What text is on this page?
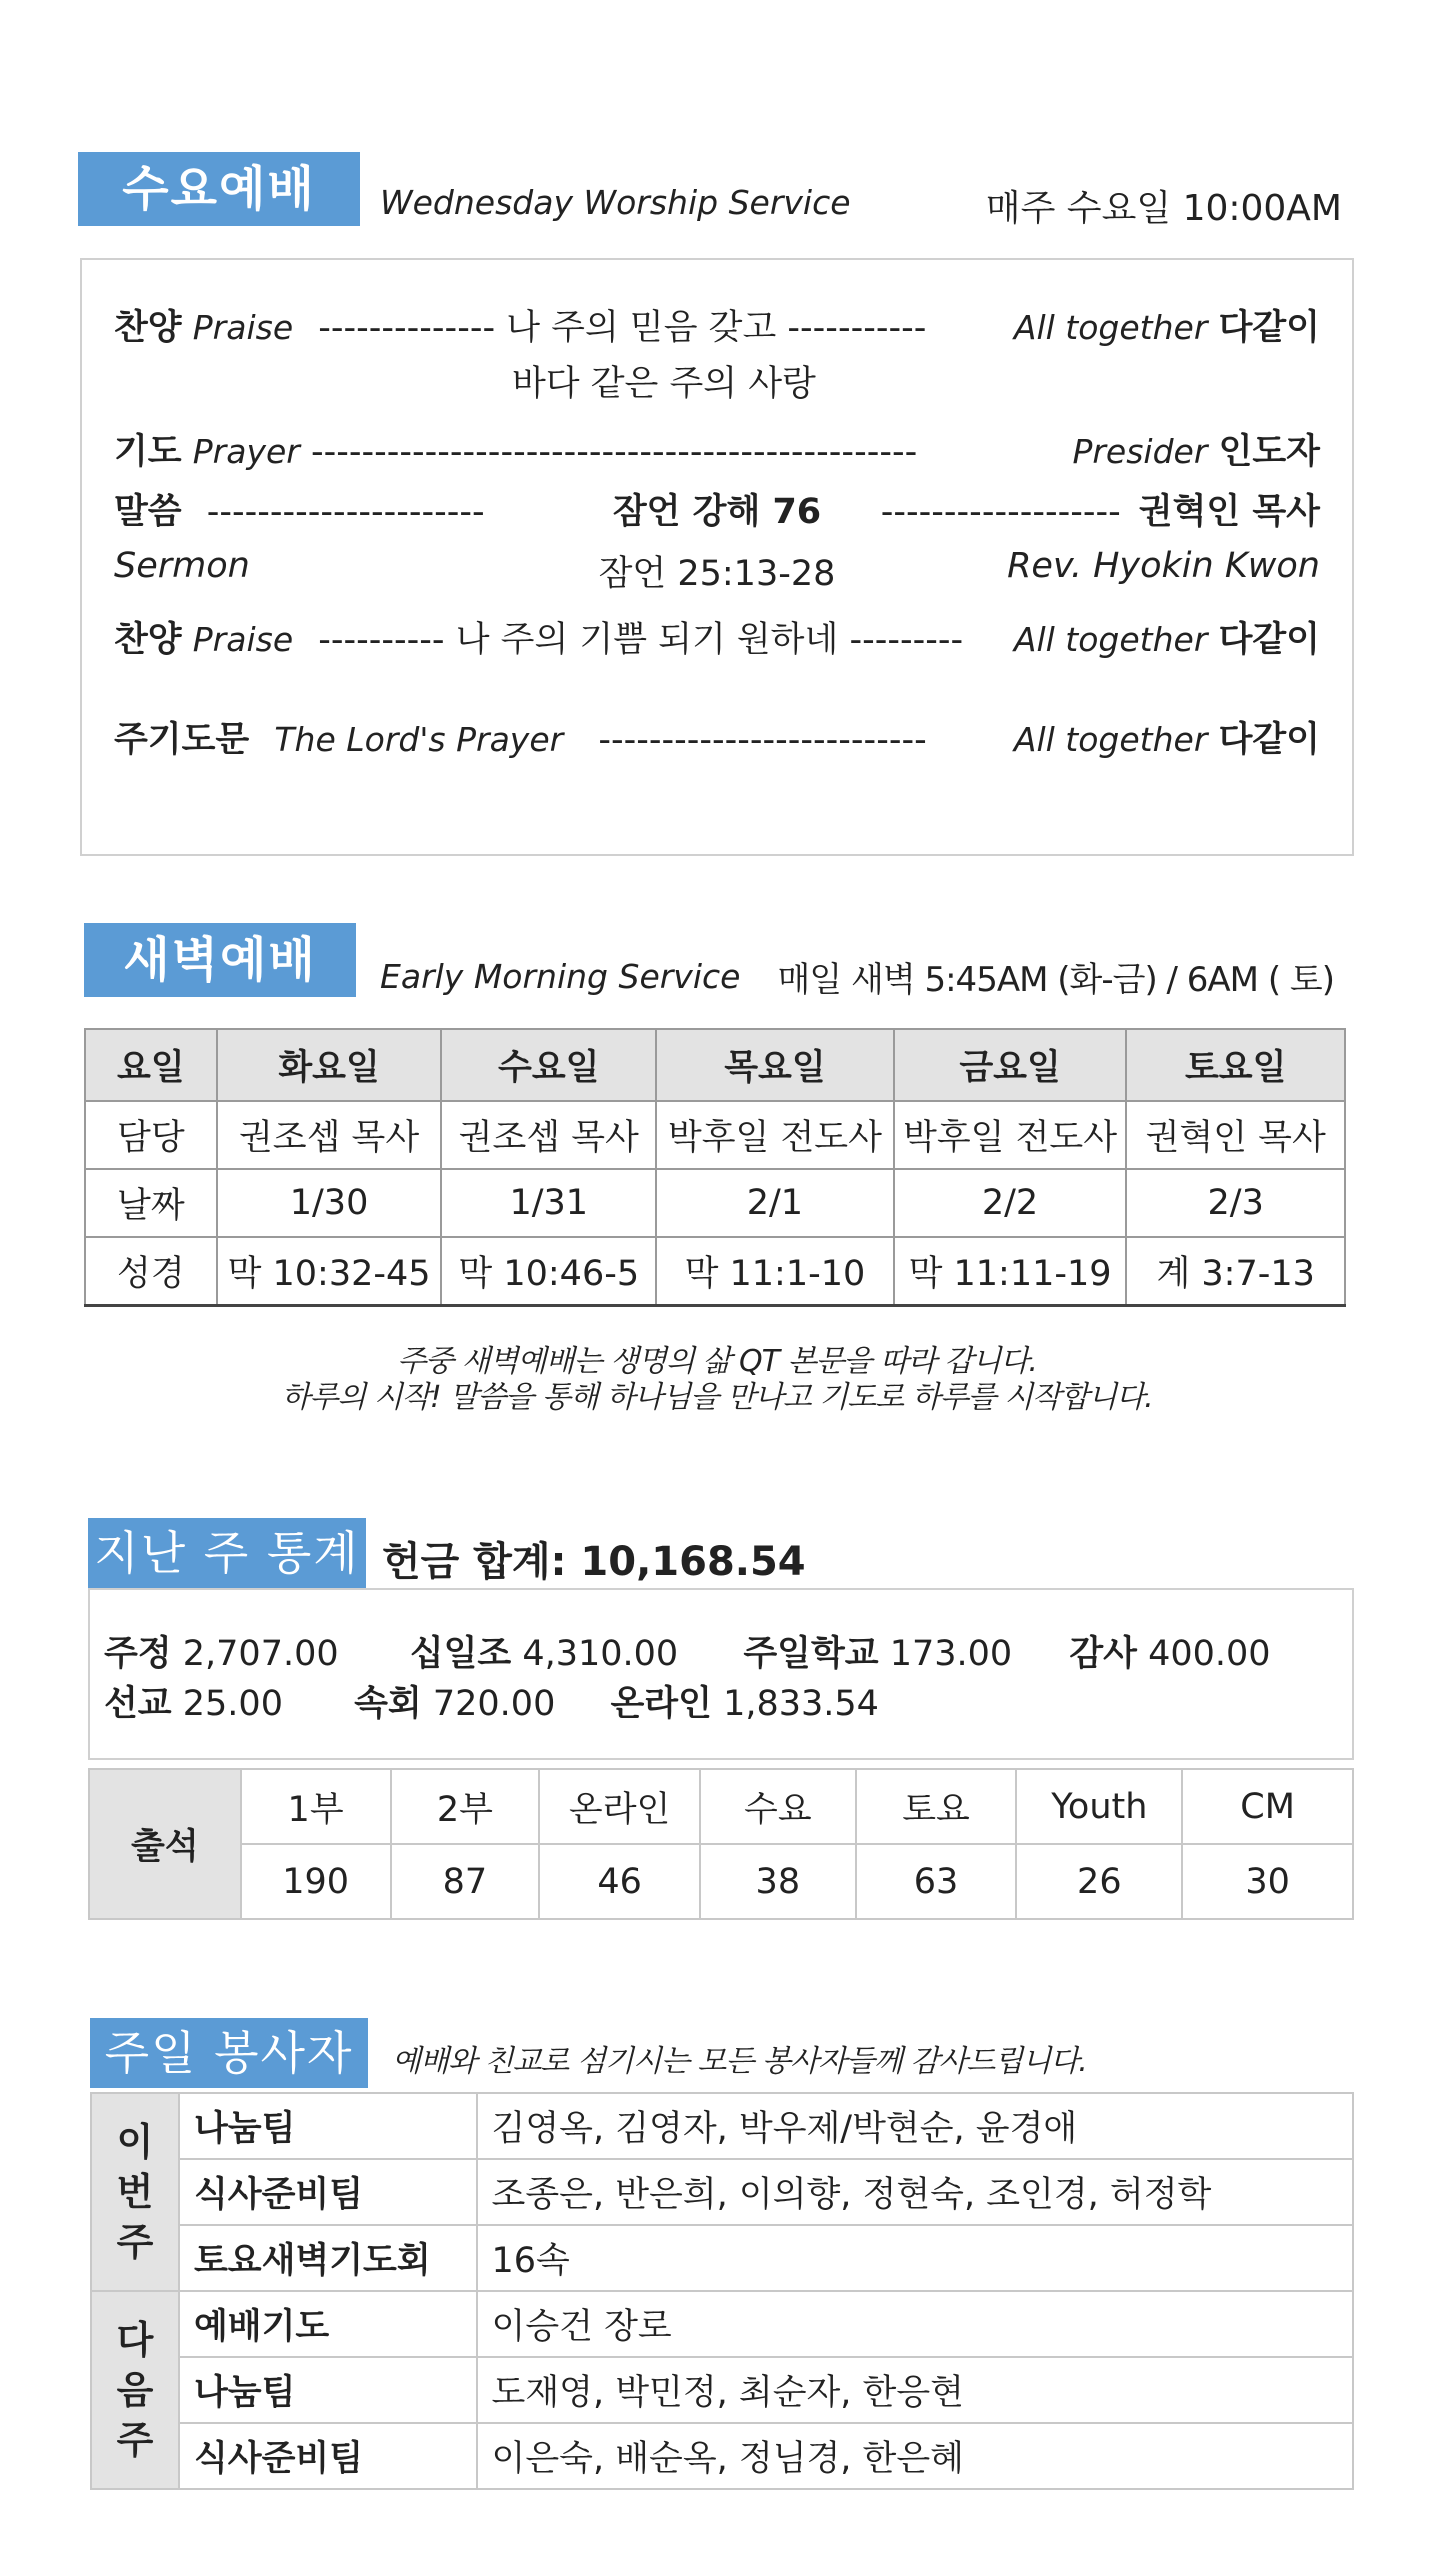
수요예배	Wednesday Worship Service	매주 수요일 10:00AM
찬양 Praise -------------- 나 주의 믿음 갖고 -----------	All together 다같이
바다 같은 주의 사랑
기도 Prayer ------------------------------------------------	Presider 인도자
말씀 ----------------------	잠언 강해 76	------------------- 권혁인 목사
Sermon	잠언 25:13-28	Rev. Hyokin Kwon
찬양 Praise ---------- 나 주의 기쁨 되기 원하네 --------- All together 다같이
주기도문 The Lord's Prayer --------------------------	All together 다같이
새벽예배	Early Morning Service 매일 새벽 5:45AM (화-금) / 6AM ( 토)
요일	화요일	수요일	목요일	금요일	토요일
담당	권조셉 목사	권조셉 목사	박후일 전도사	박후일 전도사	권혁인 목사
날짜	1/30	1/31	2/1	2/2	2/3
성경	막 10:32-45	막 10:46-5	막 11:1-10	막 11:11-19	계 3:7-13
주중 새벽예배는 생명의 삶 QT 본문을 따라 갑니다.
하루의 시작! 말씀을 통해 하나님을 만나고 기도로 하루를 시작합니다.
지난 주 통계 헌금 합계: 10,168.54
주정 2,707.00 십일조 4,310.00 주일학교 173.00 감사 400.00
선교 25.00 속회 720.00 온라인 1,833.54
출석	1부	2부	온라인	수요	토요	Youth	CM
	190	87	46	38	63	26	30
주일 봉사자	예배와 친교로 섬기시는 모든 봉사자들께 감사드립니다.
이번주	나눔팀	김영옥, 김영자, 박우제/박현순, 윤경애
	식사준비팀	조종은, 반은희, 이의향, 정현숙, 조인경, 허정학
	토요새벽기도회	16속
다음주	예배기도	이승건 장로
	나눔팀	도재영, 박민정, 최순자, 한응현
	식사준비팀	이은숙, 배순옥, 정님경, 한은혜
